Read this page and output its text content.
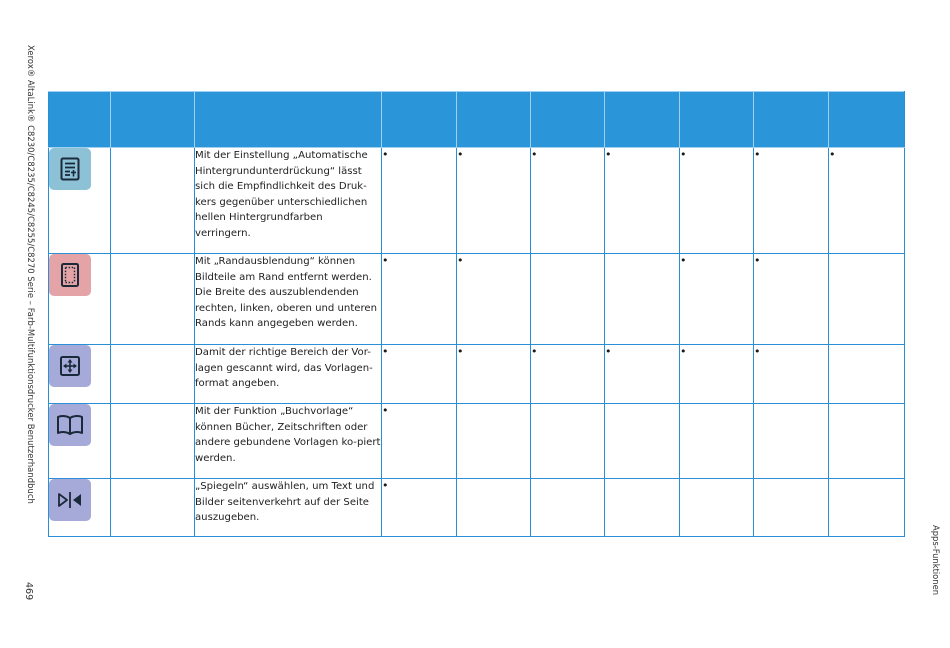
Xerox® AltaLink® C8230/C8235/C8245/C8255/C8270 Serie – Farb-Multifunktionsdrucker Benutzerhandbuch
469	Apps-Funktionen

		Mit der Einstellung „Automatische Hintergrundunterdrückung“ lässt sich die Empfindlichkeit des Druk-kers gegenüber unterschiedlichen hellen Hintergrundfarben verringern.	•	•	•	•	•	•	•

		Mit „Randausblendung“ können Bildteile am Rand entfernt werden. Die Breite des auszublendenden rechten, linken, oberen und unteren Rands kann angegeben werden.	•	•			•	•	

		Damit der richtige Bereich der Vor-lagen gescannt wird, das Vorlagen-format angeben.	•	•	•	•	•	•	

		Mit der Funktion „Buchvorlage“ können Bücher, Zeitschriften oder andere gebundene Vorlagen ko-piert werden.	•						

		„Spiegeln“ auswählen, um Text und Bilder seitenverkehrt auf der Seite auszugeben.	•						
